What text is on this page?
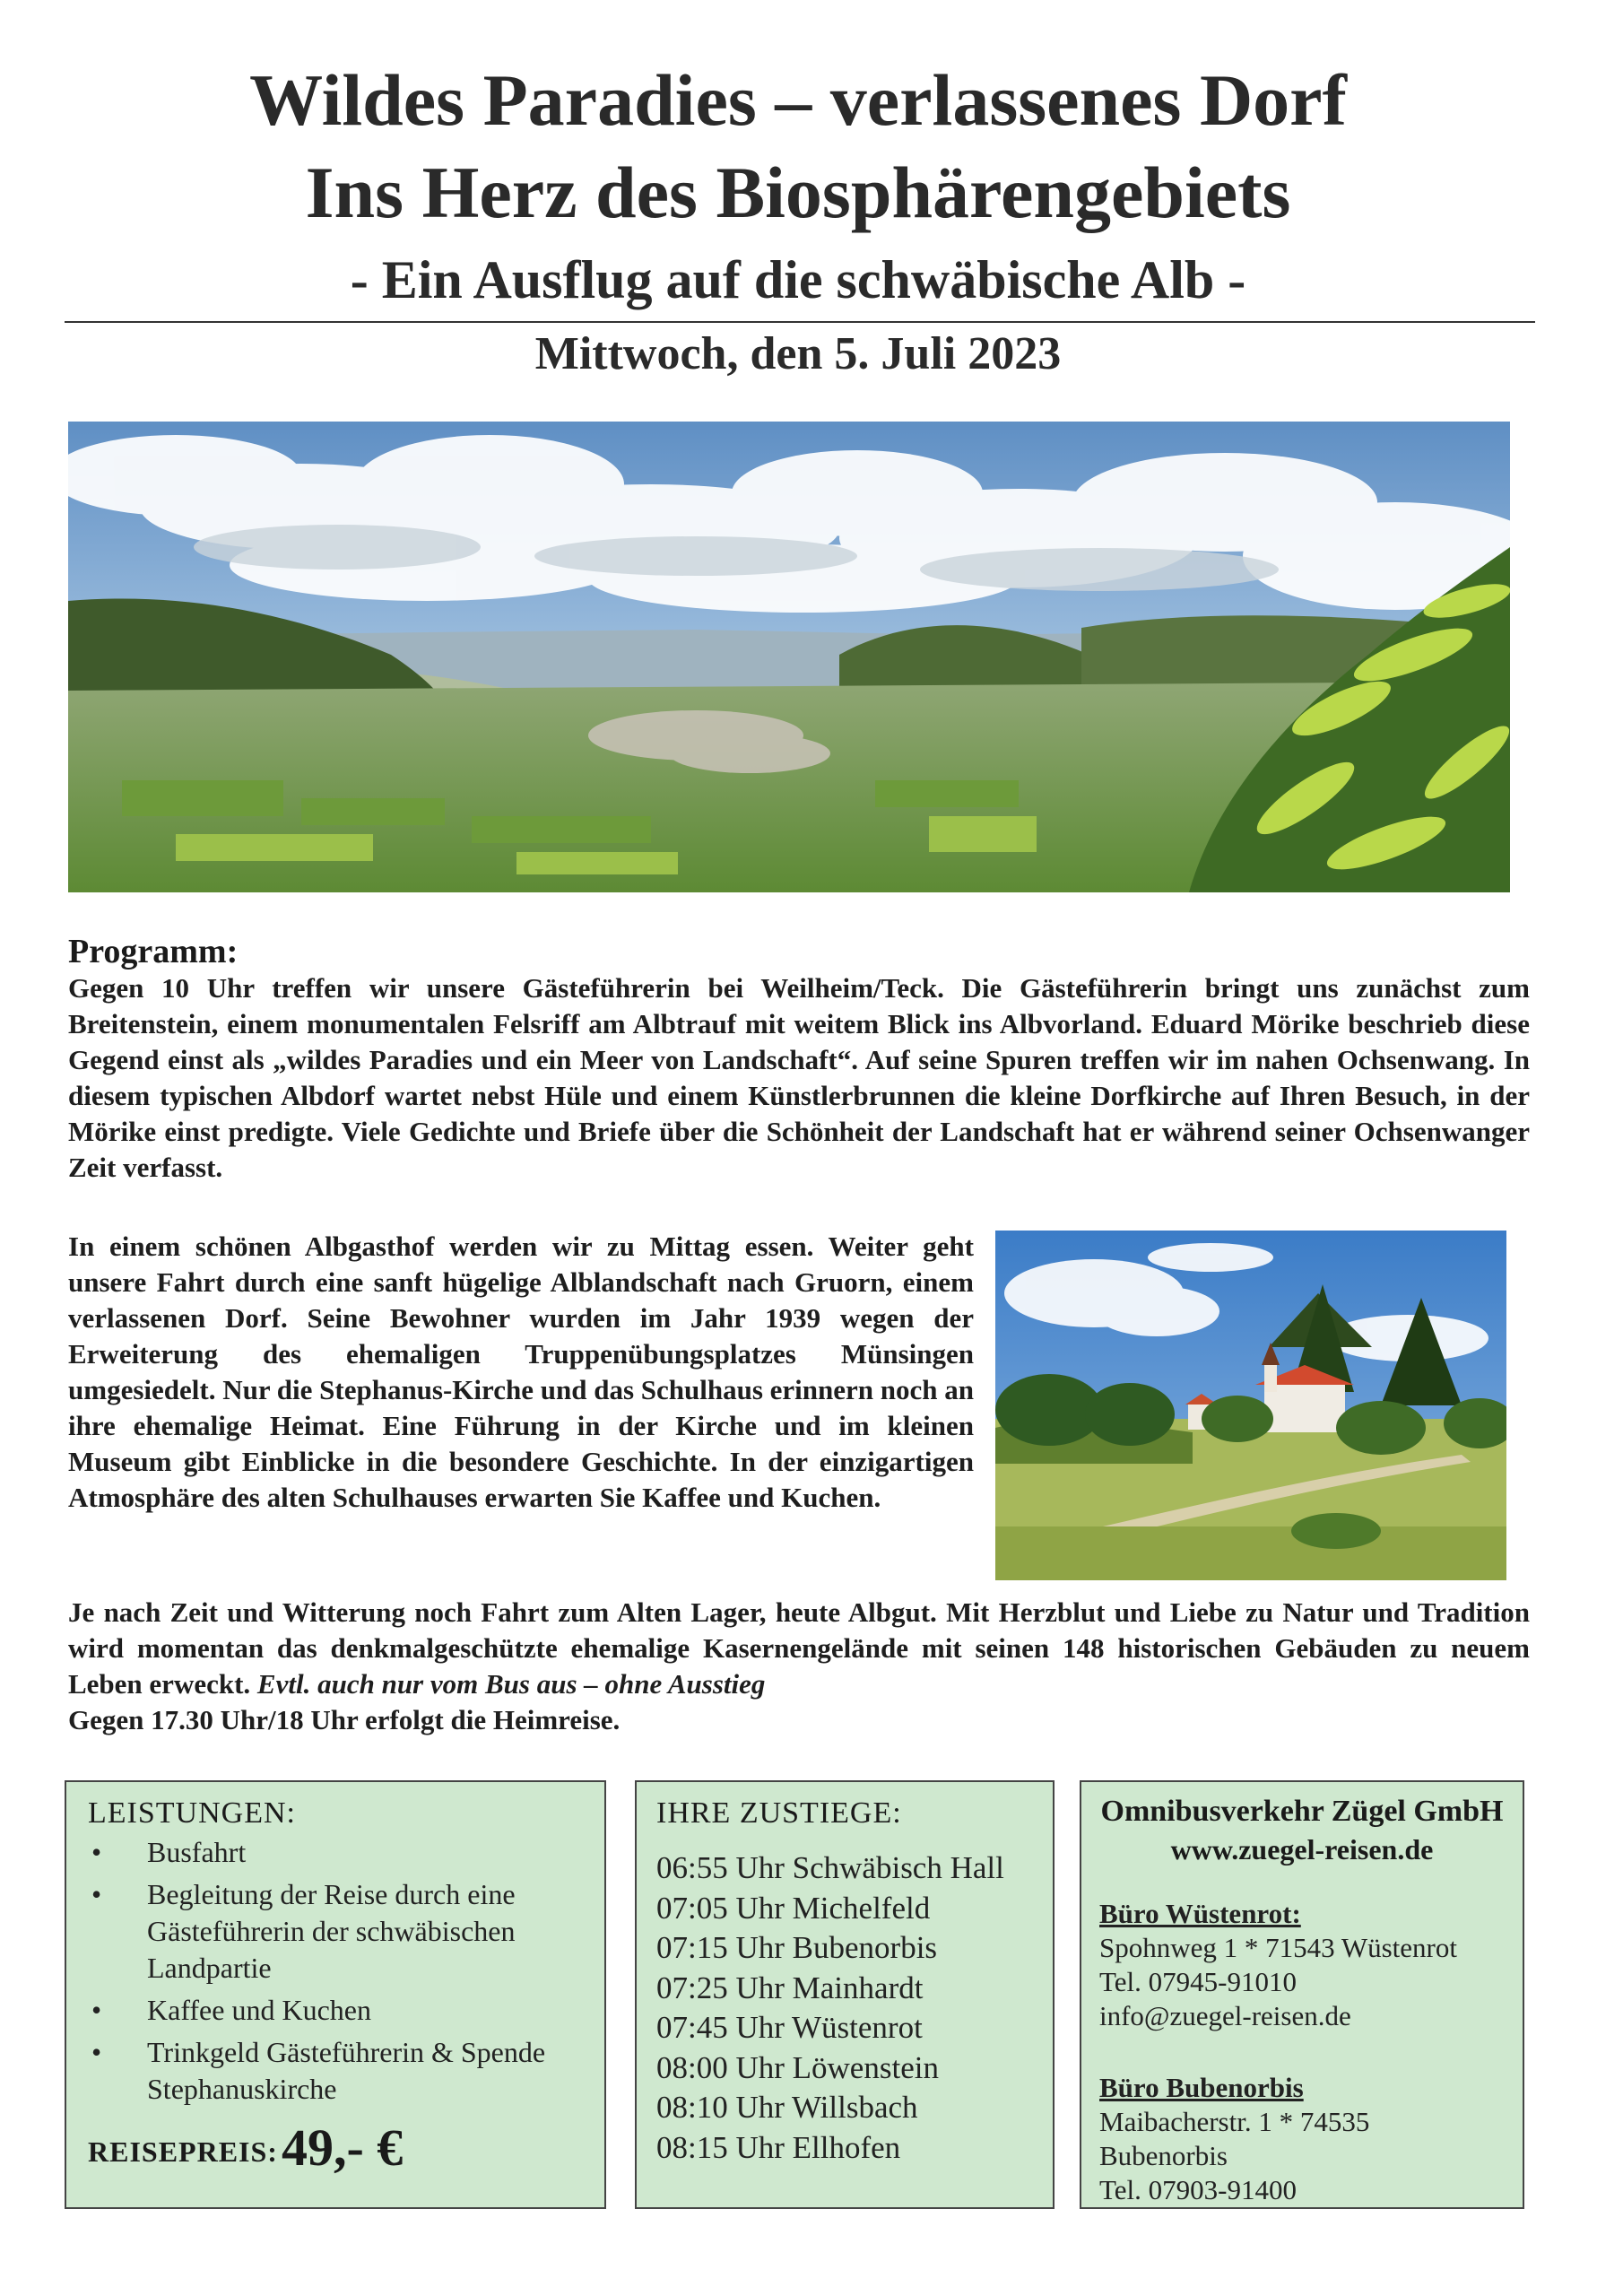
Wildes Paradies – verlassenes Dorf
Ins Herz des Biosphärengebiets
- Ein Ausflug auf die schwäbische Alb -
Mittwoch, den 5. Juli 2023
Programm:
Gegen 10 Uhr treffen wir unsere Gästeführerin bei Weilheim/Teck. Die Gästeführerin bringt uns zunächst zum Breitenstein, einem monumentalen Felsriff am Albtrauf mit weitem Blick ins Albvorland. Eduard Mörike beschrieb diese Gegend einst als „wildes Paradies und ein Meer von Landschaft“. Auf seine Spuren treffen wir im nahen Ochsenwang. In diesem typischen Albdorf wartet nebst Hüle und einem Künstlerbrunnen die kleine Dorfkirche auf Ihren Besuch, in der Mörike einst predigte. Viele Gedichte und Briefe über die Schönheit der Landschaft hat er während seiner Ochsenwanger Zeit verfasst.
In einem schönen Albgasthof werden wir zu Mittag essen. Weiter geht unsere Fahrt durch eine sanft hügelige Alblandschaft nach Gruorn, einem verlassenen Dorf. Seine Bewohner wurden im Jahr 1939 wegen der Erweiterung des ehemaligen Truppenübungsplatzes Münsingen umgesiedelt. Nur die Stephanus-Kirche und das Schulhaus erinnern noch an ihre ehemalige Heimat. Eine Führung in der Kirche und im kleinen Museum gibt Einblicke in die besondere Geschichte. In der einzigartigen Atmosphäre des alten Schulhauses erwarten Sie Kaffee und Kuchen.
Je nach Zeit und Witterung noch Fahrt zum Alten Lager, heute Albgut. Mit Herzblut und Liebe zu Natur und Tradition wird momentan das denkmalgeschützte ehemalige Kasernengelände mit seinen 148 historischen Gebäuden zu neuem Leben erweckt. Evtl. auch nur vom Bus aus – ohne Ausstieg
Gegen 17.30 Uhr/18 Uhr erfolgt die Heimreise.
LEISTUNGEN:
• Busfahrt
• Begleitung der Reise durch eine Gästeführerin der schwäbischen Landpartie
• Kaffee und Kuchen
• Trinkgeld Gästeführerin & Spende Stephanuskirche
REISEPREIS: 49,- €
IHRE ZUSTIEGE:
06:55 Uhr Schwäbisch Hall
07:05 Uhr Michelfeld
07:15 Uhr Bubenorbis
07:25 Uhr Mainhardt
07:45 Uhr Wüstenrot
08:00 Uhr Löwenstein
08:10 Uhr Willsbach
08:15 Uhr Ellhofen
Omnibusverkehr Zügel GmbH
www.zuegel-reisen.de
Büro Wüstenrot:
Spohnweg 1 * 71543 Wüstenrot
Tel. 07945-91010
info@zuegel-reisen.de
Büro Bubenorbis
Maibacherstr. 1 * 74535
Bubenorbis
Tel. 07903-91400
